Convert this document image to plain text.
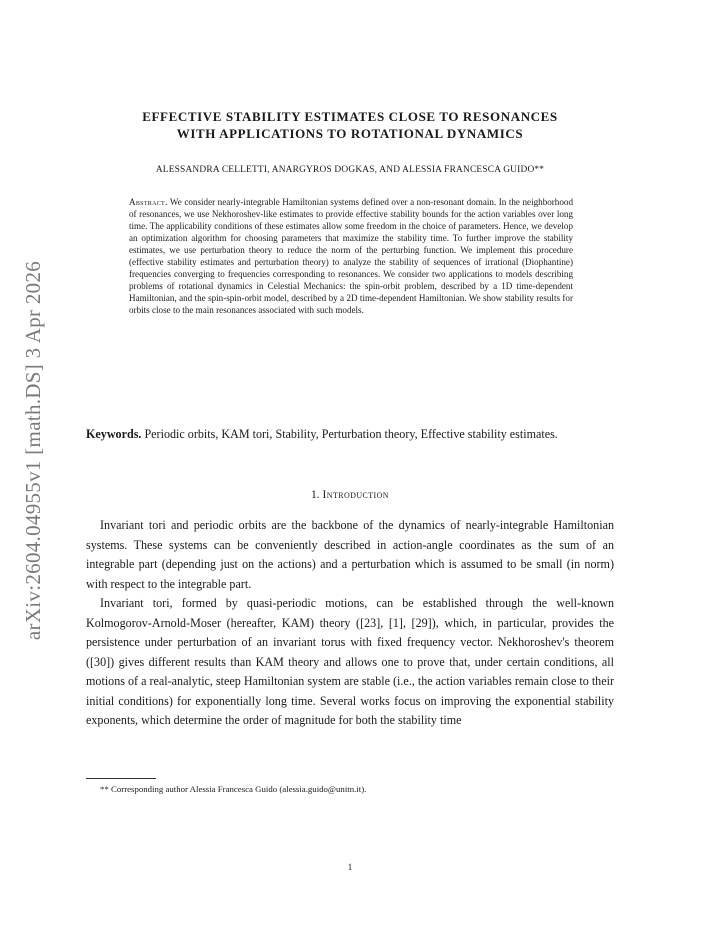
arXiv:2604.04955v1 [math.DS] 3 Apr 2026
EFFECTIVE STABILITY ESTIMATES CLOSE TO RESONANCES
WITH APPLICATIONS TO ROTATIONAL DYNAMICS
ALESSANDRA CELLETTI, ANARGYROS DOGKAS, AND ALESSIA FRANCESCA GUIDO**
Abstract. We consider nearly-integrable Hamiltonian systems defined over a non-resonant domain. In the neighborhood of resonances, we use Nekhoroshev-like estimates to provide effective stability bounds for the action variables over long time. The applicability conditions of these estimates allow some freedom in the choice of parameters. Hence, we develop an optimization algorithm for choosing parameters that maximize the stability time. To further improve the stability estimates, we use perturbation theory to reduce the norm of the perturbing function. We implement this procedure (effective stability estimates and perturbation theory) to analyze the stability of sequences of irrational (Diophantine) frequencies converging to frequencies corresponding to resonances. We consider two applications to models describing problems of rotational dynamics in Celestial Mechanics: the spin-orbit problem, described by a 1D time-dependent Hamiltonian, and the spin-spin-orbit model, described by a 2D time-dependent Hamiltonian. We show stability results for orbits close to the main resonances associated with such models.
Keywords. Periodic orbits, KAM tori, Stability, Perturbation theory, Effective stability estimates.
1. Introduction

Invariant tori and periodic orbits are the backbone of the dynamics of nearly-integrable Hamiltonian systems. These systems can be conveniently described in action-angle coordinates as the sum of an integrable part (depending just on the actions) and a perturbation which is assumed to be small (in norm) with respect to the integrable part.

Invariant tori, formed by quasi-periodic motions, can be established through the well-known Kolmogorov-Arnold-Moser (hereafter, KAM) theory ([23], [1], [29]), which, in particular, provides the persistence under perturbation of an invariant torus with fixed frequency vector. Nekhoroshev's theorem ([30]) gives different results than KAM theory and allows one to prove that, under certain conditions, all motions of a real-analytic, steep Hamiltonian system are stable (i.e., the action variables remain close to their initial conditions) for exponentially long time. Several works focus on improving the exponential stability exponents, which determine the order of magnitude for both the stability time

** Corresponding author Alessia Francesca Guido (alessia.guido@unitn.it).
1
